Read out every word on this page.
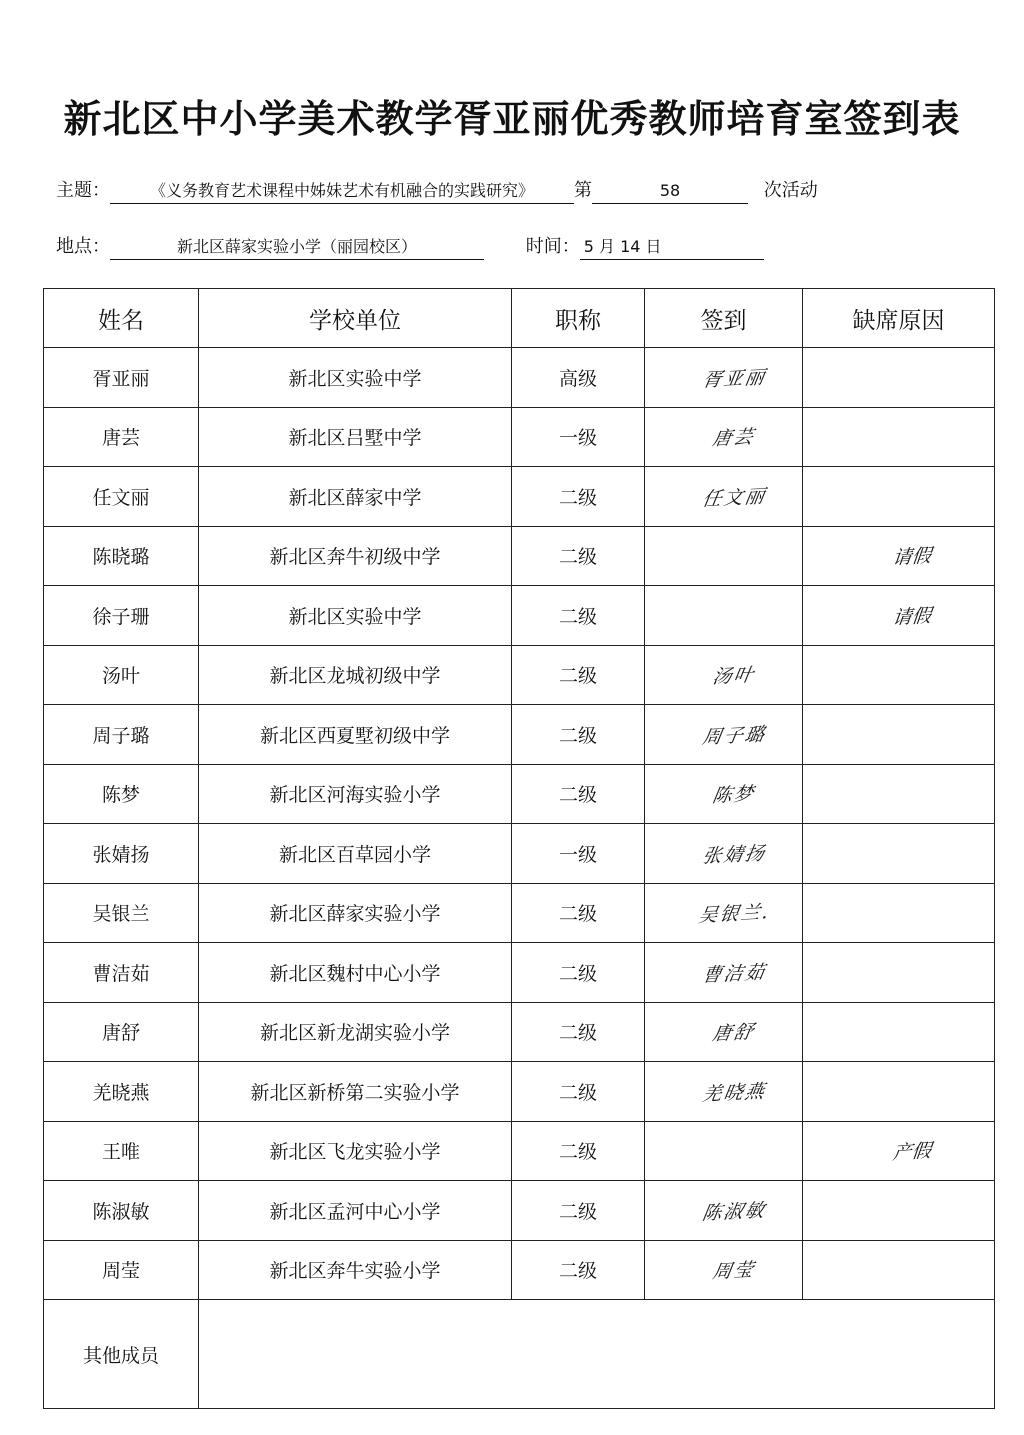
新北区中小学美术教学胥亚丽优秀教师培育室签到表
主题： 《义务教育艺术课程中姊妹艺术有机融合的实践研究》 第	58	次活动
地点：	新北区薛家实验小学（丽园校区）	时间： 5 月 14 日
姓名	学校单位	职称	签到	缺席原因
胥亚丽	新北区实验中学	高级	胥亚丽	
唐芸	新北区吕墅中学	一级	唐芸	
任文丽	新北区薛家中学	二级	任文丽	
陈晓璐	新北区奔牛初级中学	二级		请假
徐子珊	新北区实验中学	二级		请假
汤叶	新北区龙城初级中学	二级	汤叶	
周子璐	新北区西夏墅初级中学	二级	周子璐	
陈梦	新北区河海实验小学	二级	陈梦	
张婧扬	新北区百草园小学	一级	张婧扬	
吴银兰	新北区薛家实验小学	二级	吴银兰.	
曹洁茹	新北区魏村中心小学	二级	曹洁茹	
唐舒	新北区新龙湖实验小学	二级	唐舒	
羌晓燕	新北区新桥第二实验小学	二级	羌晓燕	
王唯	新北区飞龙实验小学	二级		产假
陈淑敏	新北区孟河中心小学	二级	陈淑敏	
周莹	新北区奔牛实验小学	二级	周莹	
其他成员				
